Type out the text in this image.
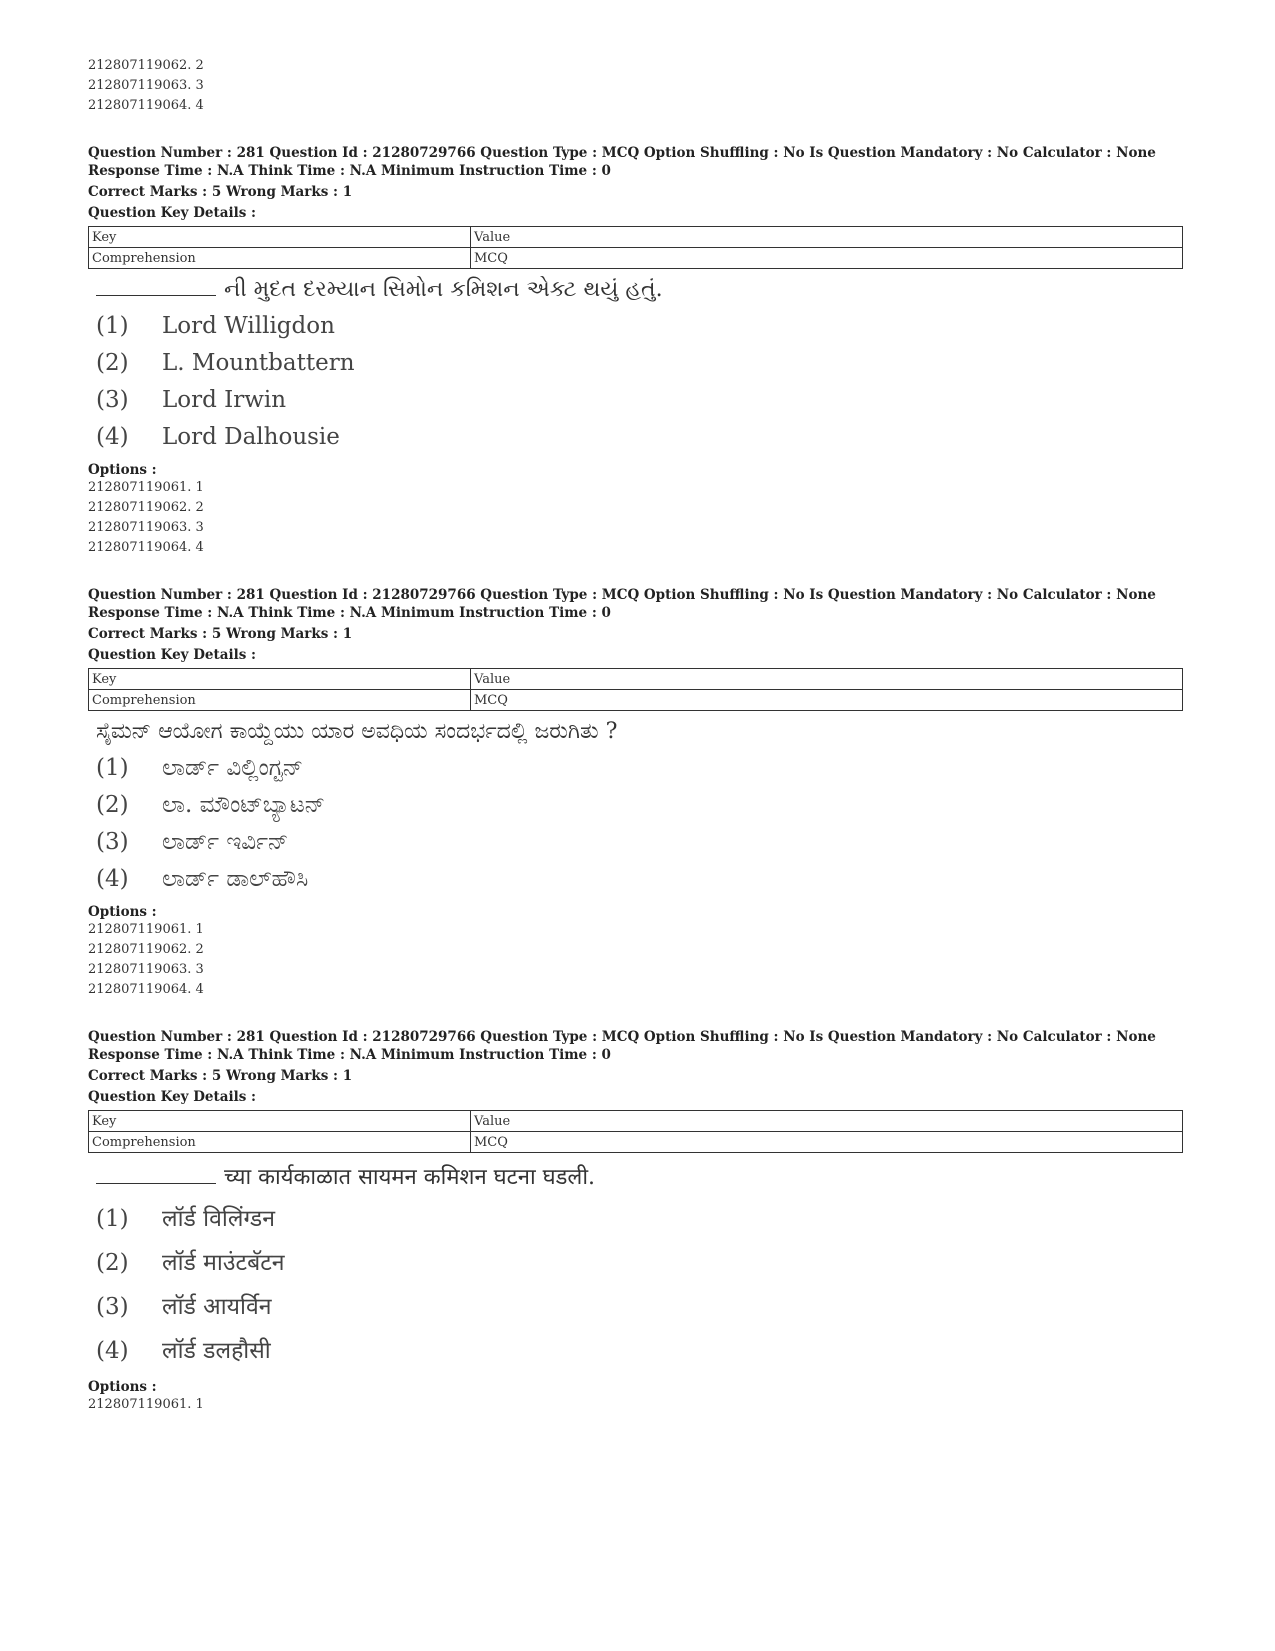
212807119062. 2
212807119063. 3
212807119064. 4
Question Number : 281 Question Id : 21280729766 Question Type : MCQ Option Shuffling : No Is Question Mandatory : No Calculator : None
Response Time : N.A Think Time : N.A Minimum Instruction Time : 0
Correct Marks : 5 Wrong Marks : 1
Question Key Details :
Key	Value
Comprehension	MCQ
ની મુદત દરમ્યાન સિમોન કમિશન એક્ટ થયું હતું.
(1) Lord Willigdon
(2) L. Mountbattern
(3) Lord Irwin
(4) Lord Dalhousie
Options :
212807119061. 1
212807119062. 2
212807119063. 3
212807119064. 4
Question Number : 281 Question Id : 21280729766 Question Type : MCQ Option Shuffling : No Is Question Mandatory : No Calculator : None
Response Time : N.A Think Time : N.A Minimum Instruction Time : 0
Correct Marks : 5 Wrong Marks : 1
Question Key Details :
Key	Value
Comprehension	MCQ
ಸೈಮನ್ ಆಯೋಗ ಕಾಯ್ದೆಯು ಯಾರ ಅವಧಿಯ ಸಂದರ್ಭದಲ್ಲಿ ಜರುಗಿತು ?
(1) ಲಾರ್ಡ್ ವಿಲ್ಲಿಂಗ್ಟನ್
(2) ಲಾ. ಮೌಂಟ್‌ಬ್ಯಾಟನ್
(3) ಲಾರ್ಡ್ ಇರ್ವಿನ್
(4) ಲಾರ್ಡ್ ಡಾಲ್‌ಹೌಸಿ
Options :
212807119061. 1
212807119062. 2
212807119063. 3
212807119064. 4
Question Number : 281 Question Id : 21280729766 Question Type : MCQ Option Shuffling : No Is Question Mandatory : No Calculator : None
Response Time : N.A Think Time : N.A Minimum Instruction Time : 0
Correct Marks : 5 Wrong Marks : 1
Question Key Details :
Key	Value
Comprehension	MCQ
च्या कार्यकाळात सायमन कमिशन घटना घडली.
(1) लॉर्ड विलिंग्डन
(2) लॉर्ड माउंटबॅटन
(3) लॉर्ड आयर्विन
(4) लॉर्ड डलहौसी
Options :
212807119061. 1
